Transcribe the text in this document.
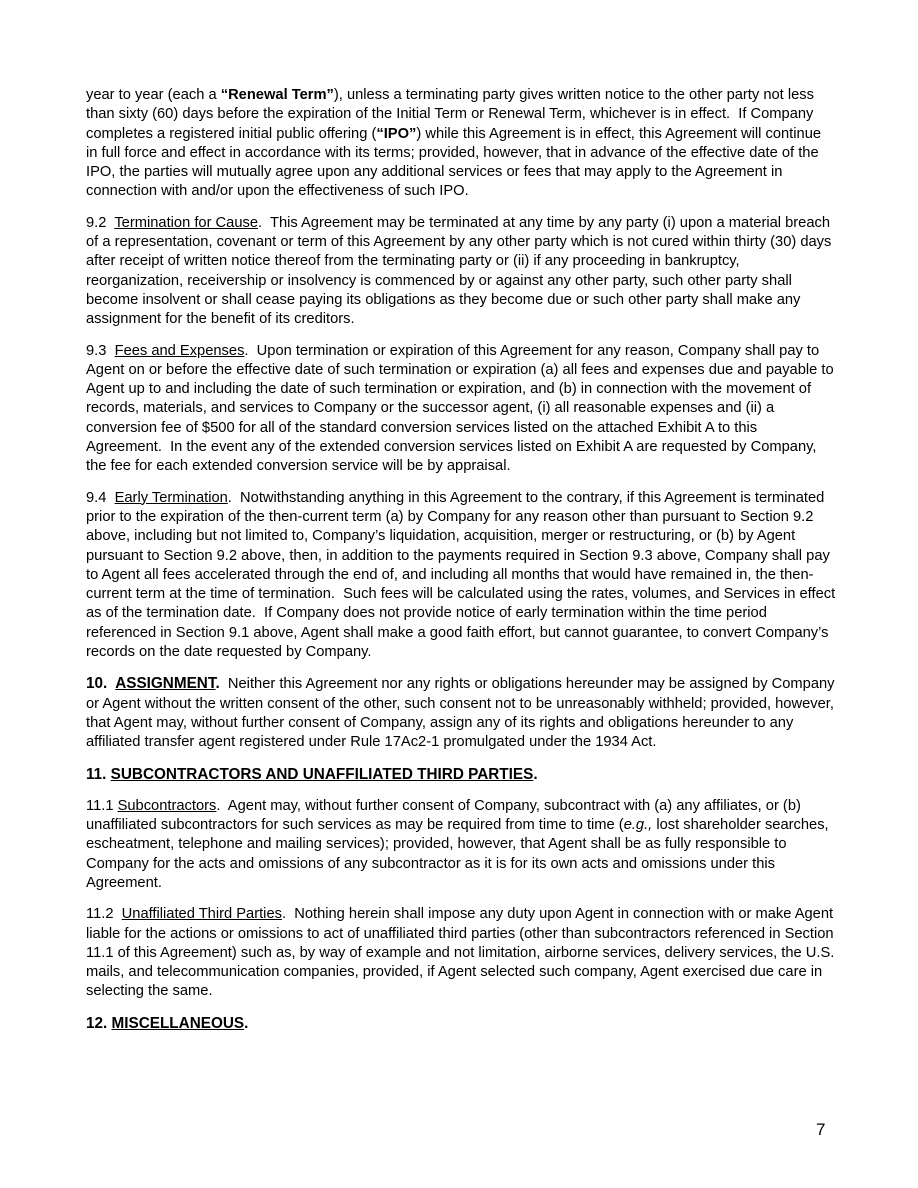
year to year (each a “Renewal Term”), unless a terminating party gives written notice to the other party not less than sixty (60) days before the expiration of the Initial Term or Renewal Term, whichever is in effect.  If Company completes a registered initial public offering (“IPO”) while this Agreement is in effect, this Agreement will continue in full force and effect in accordance with its terms; provided, however, that in advance of the effective date of the IPO, the parties will mutually agree upon any additional services or fees that may apply to the Agreement in connection with and/or upon the effectiveness of such IPO.

9.2  Termination for Cause.  This Agreement may be terminated at any time by any party (i) upon a material breach of a representation, covenant or term of this Agreement by any other party which is not cured within thirty (30) days after receipt of written notice thereof from the terminating party or (ii) if any proceeding in bankruptcy, reorganization, receivership or insolvency is commenced by or against any other party, such other party shall become insolvent or shall cease paying its obligations as they become due or such other party shall make any assignment for the benefit of its creditors.

9.3  Fees and Expenses.  Upon termination or expiration of this Agreement for any reason, Company shall pay to Agent on or before the effective date of such termination or expiration (a) all fees and expenses due and payable to Agent up to and including the date of such termination or expiration, and (b) in connection with the movement of records, materials, and services to Company or the successor agent, (i) all reasonable expenses and (ii) a conversion fee of $500 for all of the standard conversion services listed on the attached Exhibit A to this Agreement.  In the event any of the extended conversion services listed on Exhibit A are requested by Company, the fee for each extended conversion service will be by appraisal.

9.4  Early Termination.  Notwithstanding anything in this Agreement to the contrary, if this Agreement is terminated prior to the expiration of the then-current term (a) by Company for any reason other than pursuant to Section 9.2 above, including but not limited to, Company’s liquidation, acquisition, merger or restructuring, or (b) by Agent pursuant to Section 9.2 above, then, in addition to the payments required in Section 9.3 above, Company shall pay to Agent all fees accelerated through the end of, and including all months that would have remained in, the then-current term at the time of termination.  Such fees will be calculated using the rates, volumes, and Services in effect as of the termination date.  If Company does not provide notice of early termination within the time period referenced in Section 9.1 above, Agent shall make a good faith effort, but cannot guarantee, to convert Company’s records on the date requested by Company.

10.  ASSIGNMENT.  Neither this Agreement nor any rights or obligations hereunder may be assigned by Company or Agent without the written consent of the other, such consent not to be unreasonably withheld; provided, however, that Agent may, without further consent of Company, assign any of its rights and obligations hereunder to any affiliated transfer agent registered under Rule 17Ac2-1 promulgated under the 1934 Act.

11. SUBCONTRACTORS AND UNAFFILIATED THIRD PARTIES.

11.1 Subcontractors.  Agent may, without further consent of Company, subcontract with (a) any affiliates, or (b) unaffiliated subcontractors for such services as may be required from time to time (e.g., lost shareholder searches, escheatment, telephone and mailing services); provided, however, that Agent shall be as fully responsible to Company for the acts and omissions of any subcontractor as it is for its own acts and omissions under this Agreement.

11.2  Unaffiliated Third Parties.  Nothing herein shall impose any duty upon Agent in connection with or make Agent liable for the actions or omissions to act of unaffiliated third parties (other than subcontractors referenced in Section 11.1 of this Agreement) such as, by way of example and not limitation, airborne services, delivery services, the U.S. mails, and telecommunication companies, provided, if Agent selected such company, Agent exercised due care in selecting the same.

12. MISCELLANEOUS.

7
